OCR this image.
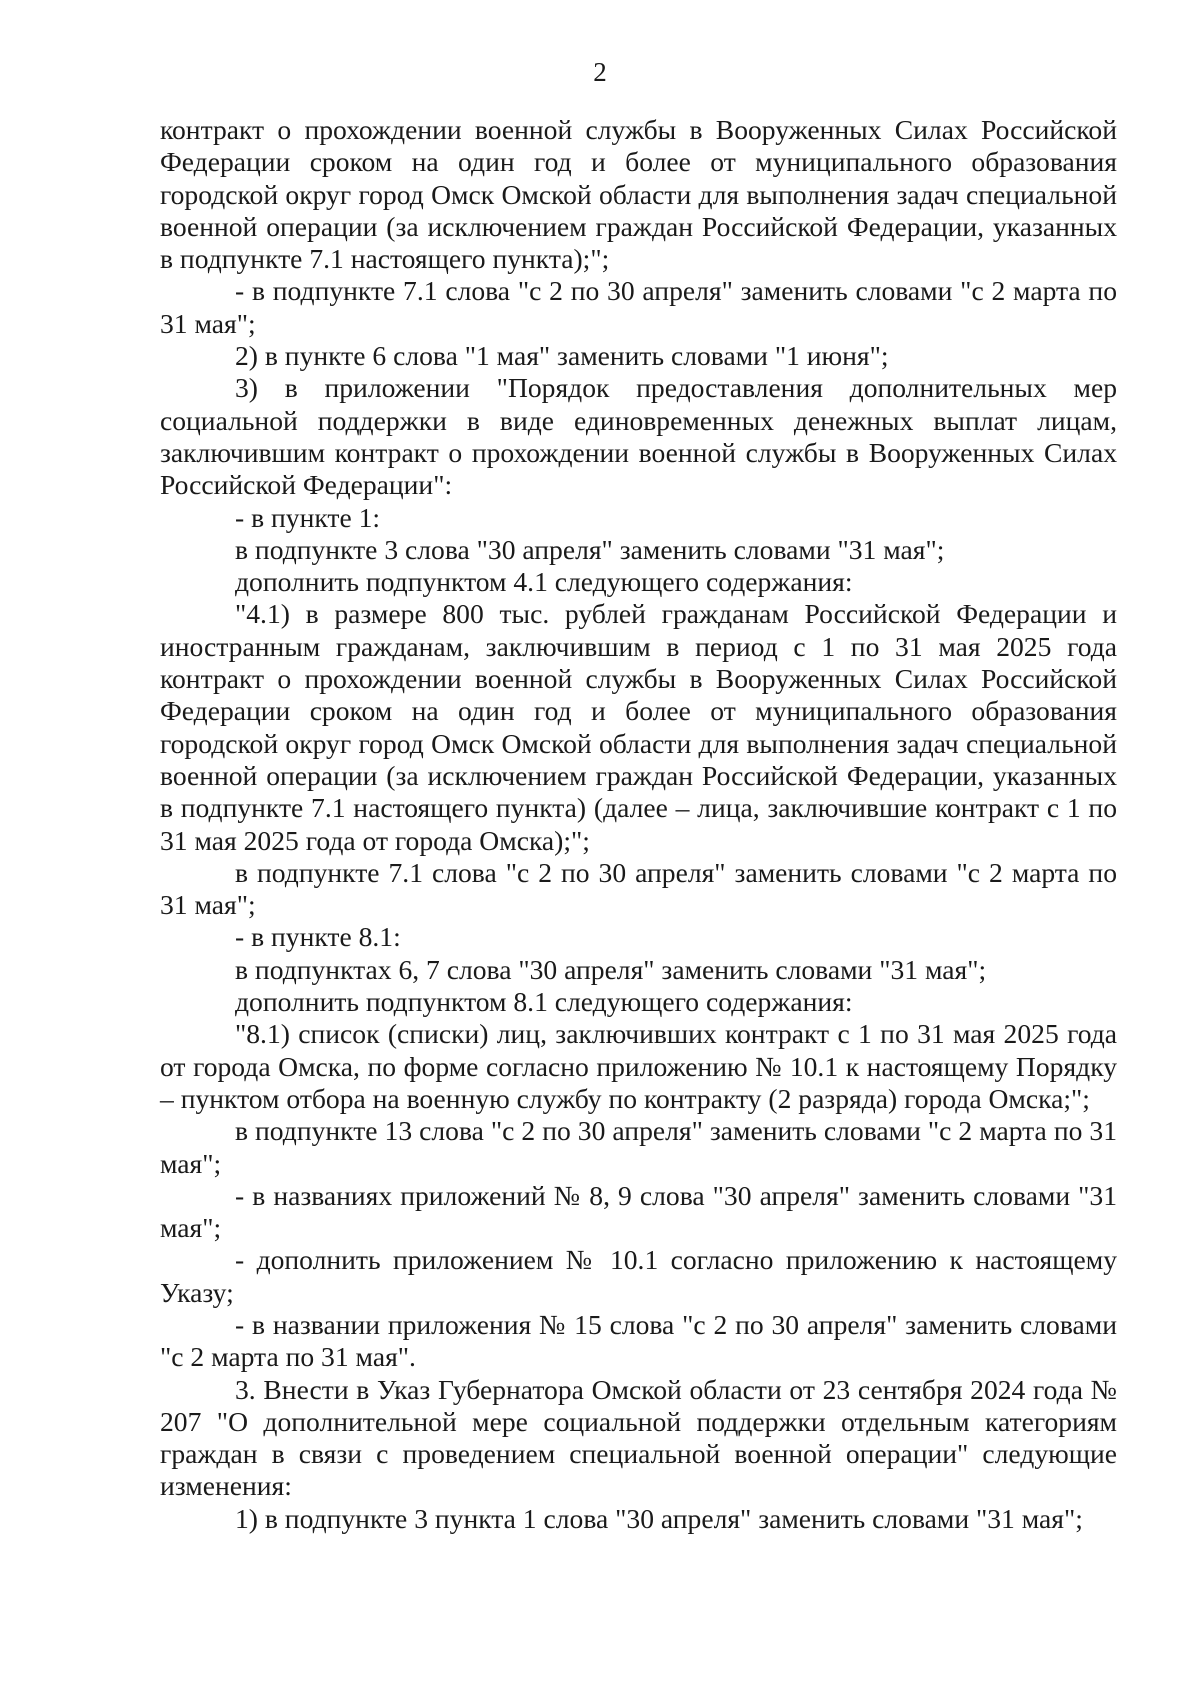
2

контракт о прохождении военной службы в Вооруженных Силах Российской Федерации сроком на один год и более от муниципального образования городской округ город Омск Омской области для выполнения задач специальной военной операции (за исключением граждан Российской Федерации, указанных в подпункте 7.1 настоящего пункта);";

- в подпункте 7.1 слова "с 2 по 30 апреля" заменить словами "с 2 марта по 31 мая";

2) в пункте 6 слова "1 мая" заменить словами "1 июня";

3) в приложении "Порядок предоставления дополнительных мер социальной поддержки в виде единовременных денежных выплат лицам, заключившим контракт о прохождении военной службы в Вооруженных Силах Российской Федерации":

- в пункте 1:

в подпункте 3 слова "30 апреля" заменить словами "31 мая";

дополнить подпунктом 4.1 следующего содержания:

"4.1) в размере 800 тыс. рублей гражданам Российской Федерации и иностранным гражданам, заключившим в период с 1 по 31 мая 2025 года контракт о прохождении военной службы в Вооруженных Силах Российской Федерации сроком на один год и более от муниципального образования городской округ город Омск Омской области для выполнения задач специальной военной операции (за исключением граждан Российской Федерации, указанных в подпункте 7.1 настоящего пункта) (далее – лица, заключившие контракт с 1 по 31 мая 2025 года от города Омска);";

в подпункте 7.1 слова "с 2 по 30 апреля" заменить словами "с 2 марта по 31 мая";

- в пункте 8.1:

в подпунктах 6, 7 слова "30 апреля" заменить словами "31 мая";

дополнить подпунктом 8.1 следующего содержания:

"8.1) список (списки) лиц, заключивших контракт с 1 по 31 мая 2025 года от города Омска, по форме согласно приложению № 10.1 к настоящему Порядку – пунктом отбора на военную службу по контракту (2 разряда) города Омска;";

в подпункте 13 слова "с 2 по 30 апреля" заменить словами "с 2 марта по 31 мая";

- в названиях приложений № 8, 9 слова "30 апреля" заменить словами "31 мая";

- дополнить приложением № 10.1 согласно приложению к настоящему Указу;

- в названии приложения № 15 слова "с 2 по 30 апреля" заменить словами "с 2 марта по 31 мая".

3. Внести в Указ Губернатора Омской области от 23 сентября 2024 года № 207 "О дополнительной мере социальной поддержки отдельным категориям граждан в связи с проведением специальной военной операции" следующие изменения:

1) в подпункте 3 пункта 1 слова "30 апреля" заменить словами "31 мая";
